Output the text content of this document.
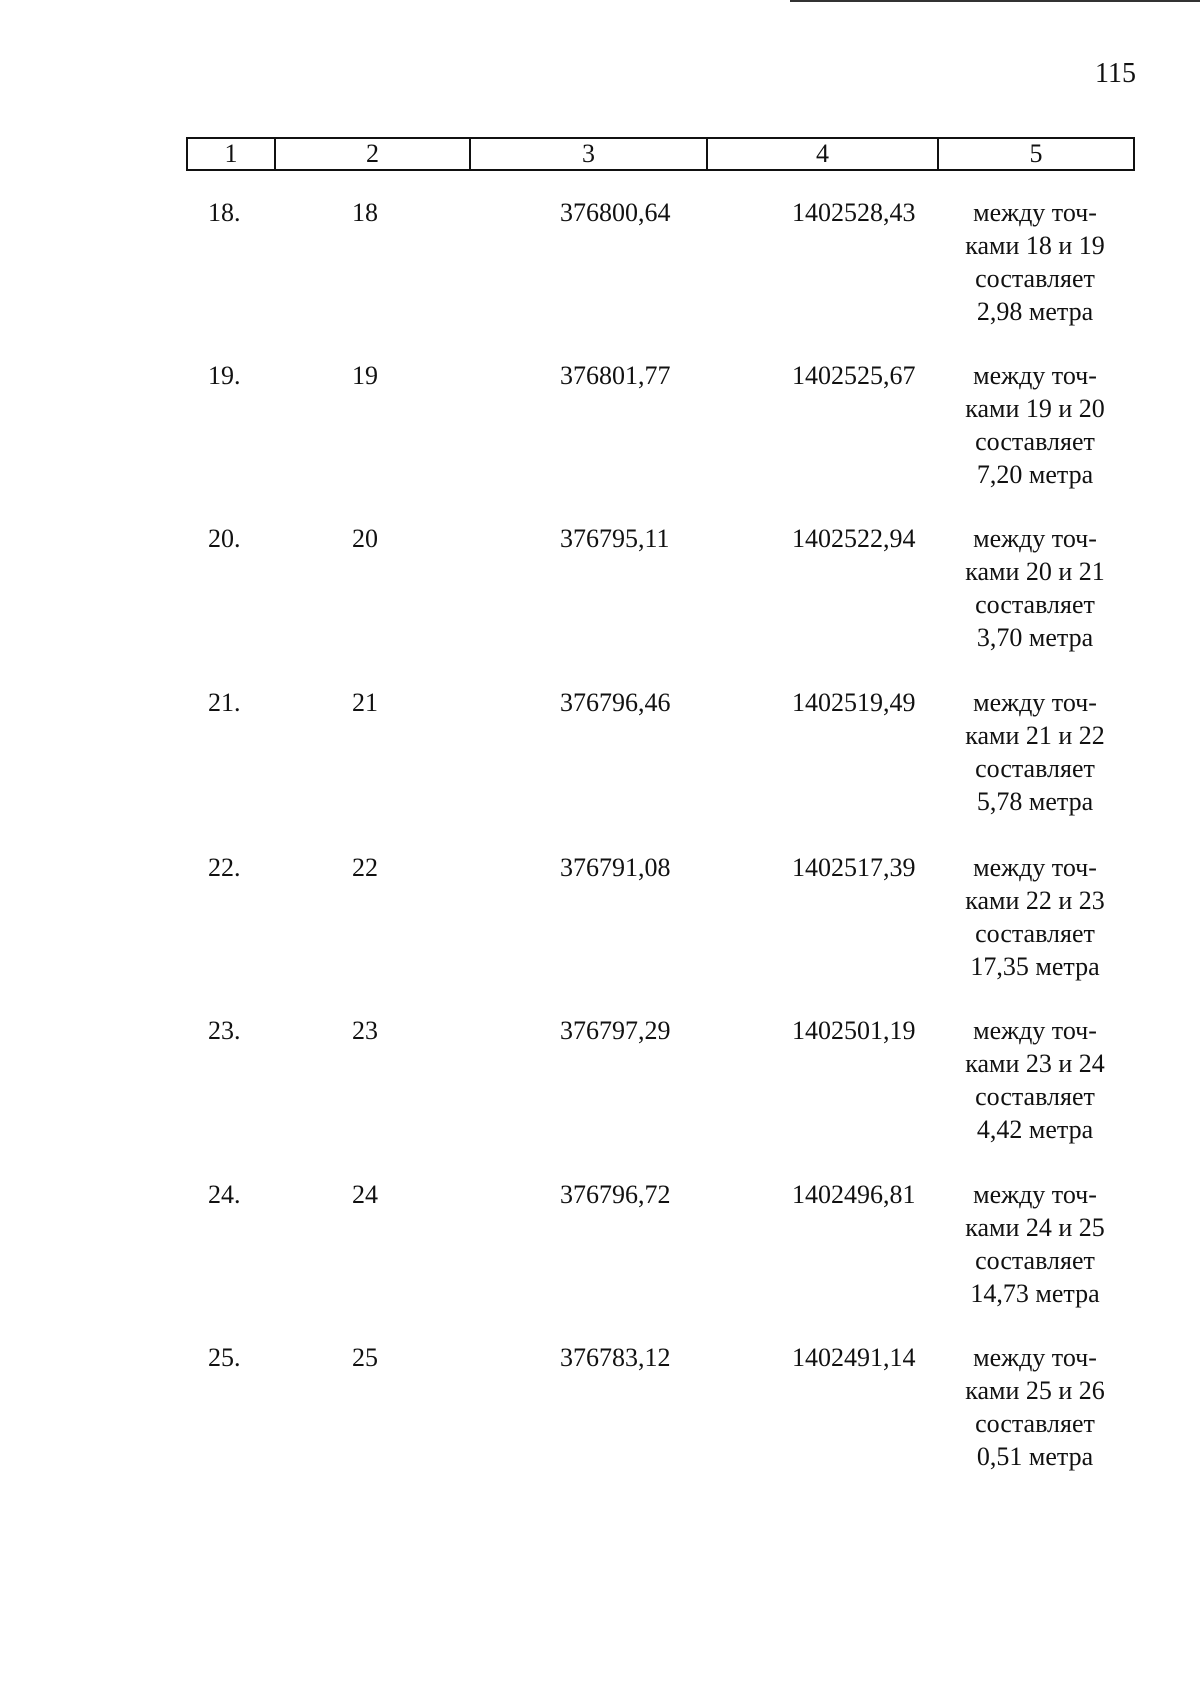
115
1	2	3	4	5
18.	18	376800,64	1402528,43	между точ-
ками 18 и 19
составляет
2,98 метра
19.	19	376801,77	1402525,67	между точ-
ками 19 и 20
составляет
7,20 метра
20.	20	376795,11	1402522,94	между точ-
ками 20 и 21
составляет
3,70 метра
21.	21	376796,46	1402519,49	между точ-
ками 21 и 22
составляет
5,78 метра
22.	22	376791,08	1402517,39	между точ-
ками 22 и 23
составляет
17,35 метра
23.	23	376797,29	1402501,19	между точ-
ками 23 и 24
составляет
4,42 метра
24.	24	376796,72	1402496,81	между точ-
ками 24 и 25
составляет
14,73 метра
25.	25	376783,12	1402491,14	между точ-
ками 25 и 26
составляет
0,51 метра
